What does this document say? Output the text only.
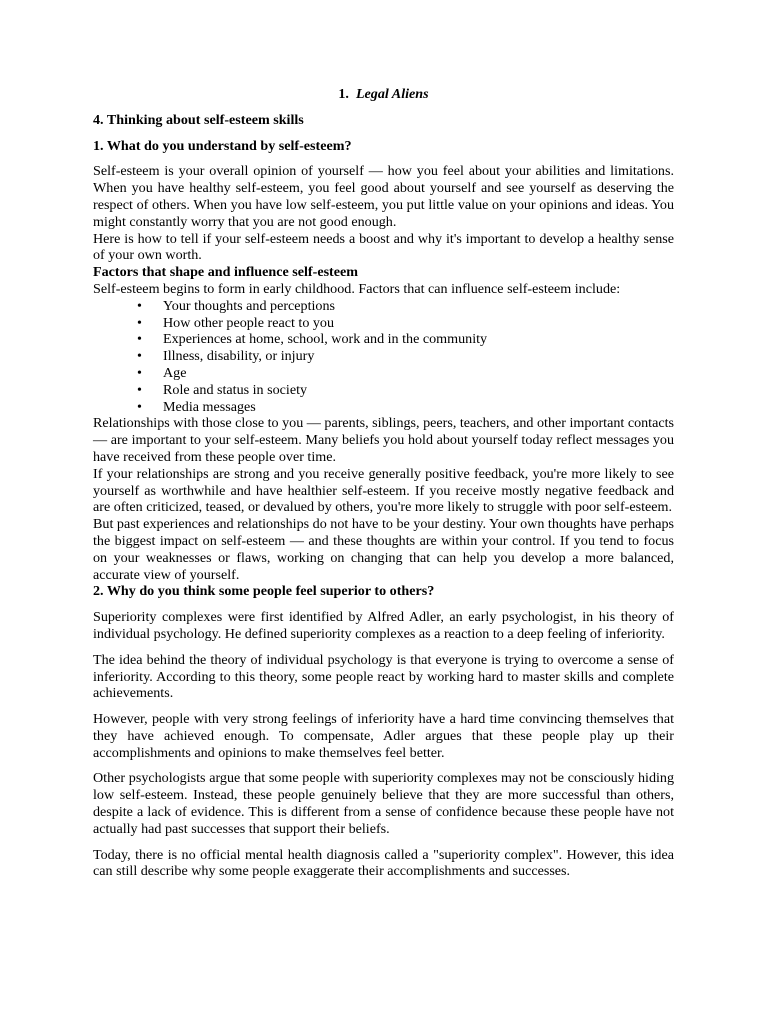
1. Legal Aliens
4. Thinking about self-esteem skills
1. What do you understand by self-esteem?

Self-esteem is your overall opinion of yourself — how you feel about your abilities and limitations. When you have healthy self-esteem, you feel good about yourself and see yourself as deserving the respect of others. When you have low self-esteem, you put little value on your opinions and ideas. You might constantly worry that you are not good enough.

Here is how to tell if your self-esteem needs a boost and why it's important to develop a healthy sense of your own worth.

Factors that shape and influence self-esteem

Self-esteem begins to form in early childhood. Factors that can influence self-esteem include:

• Your thoughts and perceptions
• How other people react to you
• Experiences at home, school, work and in the community
• Illness, disability, or injury
• Age
• Role and status in society
• Media messages

Relationships with those close to you — parents, siblings, peers, teachers, and other important contacts — are important to your self-esteem. Many beliefs you hold about yourself today reflect messages you have received from these people over time.

If your relationships are strong and you receive generally positive feedback, you're more likely to see yourself as worthwhile and have healthier self-esteem. If you receive mostly negative feedback and are often criticized, teased, or devalued by others, you're more likely to struggle with poor self-esteem.

But past experiences and relationships do not have to be your destiny. Your own thoughts have perhaps the biggest impact on self-esteem — and these thoughts are within your control. If you tend to focus on your weaknesses or flaws, working on changing that can help you develop a more balanced, accurate view of yourself.

2. Why do you think some people feel superior to others?

Superiority complexes were first identified by Alfred Adler, an early psychologist, in his theory of individual psychology. He defined superiority complexes as a reaction to a deep feeling of inferiority.

The idea behind the theory of individual psychology is that everyone is trying to overcome a sense of inferiority. According to this theory, some people react by working hard to master skills and complete achievements.

However, people with very strong feelings of inferiority have a hard time convincing themselves that they have achieved enough. To compensate, Adler argues that these people play up their accomplishments and opinions to make themselves feel better.

Other psychologists argue that some people with superiority complexes may not be consciously hiding low self-esteem. Instead, these people genuinely believe that they are more successful than others, despite a lack of evidence. This is different from a sense of confidence because these people have not actually had past successes that support their beliefs.

Today, there is no official mental health diagnosis called a "superiority complex". However, this idea can still describe why some people exaggerate their accomplishments and successes.
